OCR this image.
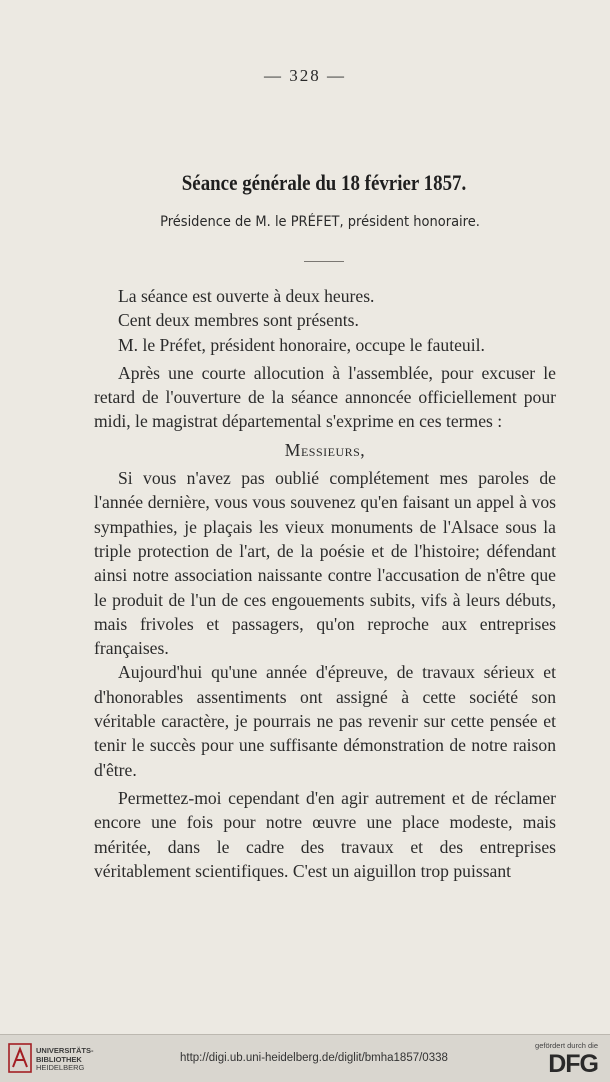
— 328 —
Séance générale du 18 février 1857.
Présidence de M. le PRÉFET, président honoraire.

La séance est ouverte à deux heures.

Cent deux membres sont présents.

M. le Préfet, président honoraire, occupe le fauteuil.

Après une courte allocution à l'assemblée, pour excuser le retard de l'ouverture de la séance annoncée officiellement pour midi, le magistrat départemental s'exprime en ces termes :

Messieurs,

Si vous n'avez pas oublié complétement mes paroles de l'année dernière, vous vous souvenez qu'en faisant un appel à vos sympathies, je plaçais les vieux monuments de l'Alsace sous la triple protection de l'art, de la poésie et de l'histoire; défendant ainsi notre association naissante contre l'accusation de n'être que le produit de l'un de ces engouements subits, vifs à leurs débuts, mais frivoles et passagers, qu'on reproche aux entreprises françaises.

Aujourd'hui qu'une année d'épreuve, de travaux sérieux et d'honorables assentiments ont assigné à cette société son véritable caractère, je pourrais ne pas revenir sur cette pensée et tenir le succès pour une suffisante démonstration de notre raison d'être.

Permettez-moi cependant d'en agir autrement et de réclamer encore une fois pour notre œuvre une place modeste, mais méritée, dans le cadre des travaux et des entreprises véritablement scientifiques. C'est un aiguillon trop puissant

UNIVERSITÄTS-
BIBLIOTHEK
HEIDELBERG
http://digi.ub.uni-heidelberg.de/diglit/bmha1857/0338
gefördert durch die
DFG
